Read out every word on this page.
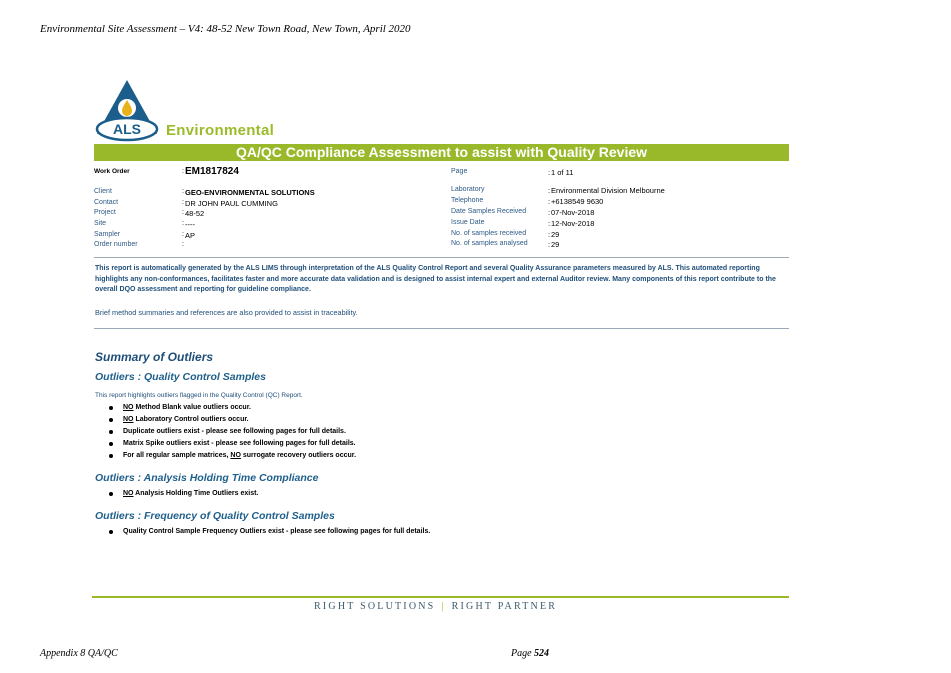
Environmental Site Assessment – V4: 48-52 New Town Road, New Town, April 2020
ALS Environmental
QA/QC Compliance Assessment to assist with Quality Review
Work Order	EM1817824
Client	GEO-ENVIRONMENTAL SOLUTIONS
Contact	DR JOHN PAUL CUMMING
Project	48-52
Site	----
Sampler	AP
Order number
:
:
:
:
:
:
:
Page	: 1 of 11
Laboratory	: Environmental Division Melbourne
Telephone	: +6138549 9630
Date Samples Received	: 07-Nov-2018
Issue Date	: 12-Nov-2018
No. of samples received	: 29
No. of samples analysed	: 29
This report is automatically generated by the ALS LIMS through interpretation of the ALS Quality Control Report and several Quality Assurance parameters measured by ALS. This automated reporting highlights any non-conformances, facilitates faster and more accurate data validation and is designed to assist internal expert and external Auditor review. Many components of this report contribute to the overall DQO assessment and reporting for guideline compliance.
Brief method summaries and references are also provided to assist in traceability.
Summary of Outliers
Outliers : Quality Control Samples
This report highlights outliers flagged in the Quality Control (QC) Report.
NO Method Blank value outliers occur.
NO Laboratory Control outliers occur.
Duplicate outliers exist - please see following pages for full details.
Matrix Spike outliers exist - please see following pages for full details.
For all regular sample matrices, NO surrogate recovery outliers occur.
Outliers : Analysis Holding Time Compliance
NO Analysis Holding Time Outliers exist.
Outliers : Frequency of Quality Control Samples
Quality Control Sample Frequency Outliers exist - please see following pages for full details.
RIGHT SOLUTIONS | RIGHT PARTNER
Appendix 8 QA/QC	Page 524
